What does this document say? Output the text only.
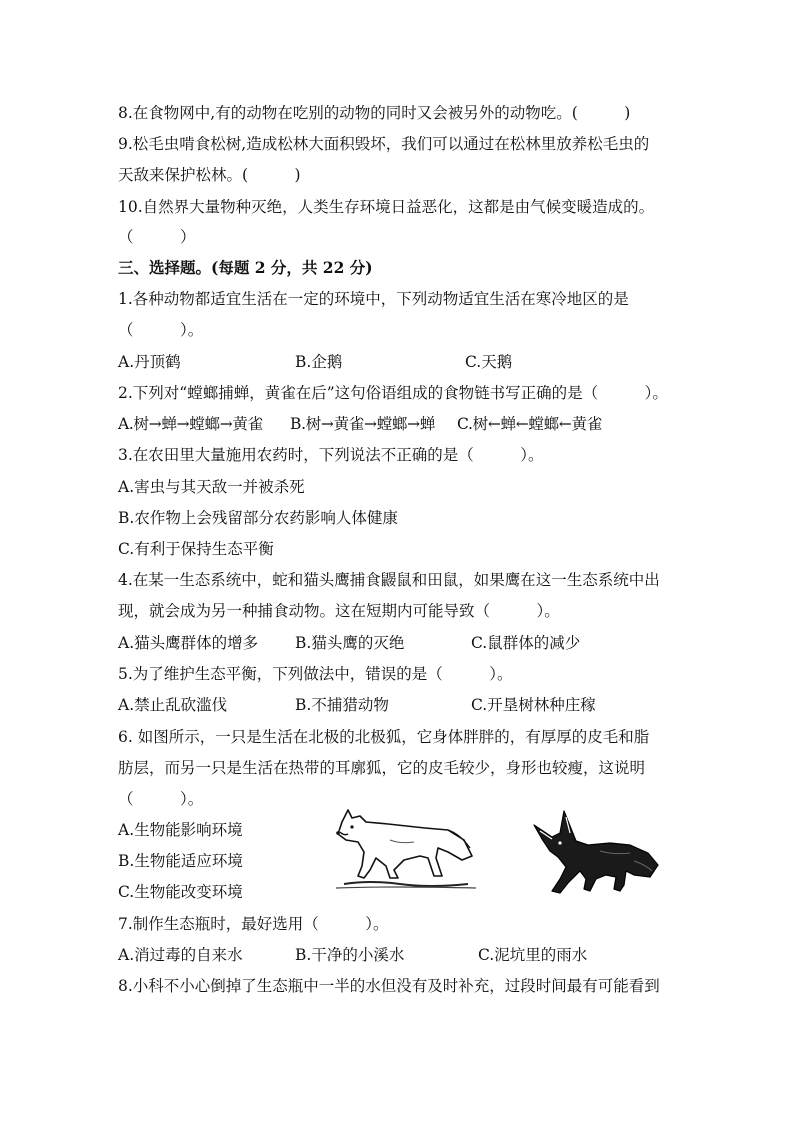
8.在食物网中,有的动物在吃别的动物的同时又会被另外的动物吃。(　　　)
9.松毛虫啃食松树,造成松林大面积毁坏，我们可以通过在松林里放养松毛虫的
天敌来保护松林。(　　　)
10.自然界大量物种灭绝，人类生存环境日益恶化，这都是由气候变暖造成的。
（　　　）
三、选择题。(每题 2 分，共 22 分)
1.各种动物都适宜生活在一定的环境中，下列动物适宜生活在寒冷地区的是
（　　　）。
A.丹顶鹤	B.企鹅	C.天鹅
2.下列对“螳螂捕蝉，黄雀在后”这句俗语组成的食物链书写正确的是（　　　）。
A.树→蝉→螳螂→黄雀 B.树→黄雀→螳螂→蝉 C.树←蝉←螳螂←黄雀
3.在农田里大量施用农药时，下列说法不正确的是（　　　）。
A.害虫与其天敌一并被杀死
B.农作物上会残留部分农药影响人体健康
C.有利于保持生态平衡
4.在某一生态系统中，蛇和猫头鹰捕食鼹鼠和田鼠，如果鹰在这一生态系统中出
现，就会成为另一种捕食动物。这在短期内可能导致（　　　）。
A.猫头鹰群体的增多 B.猫头鹰的灭绝	C.鼠群体的减少
5.为了维护生态平衡，下列做法中，错误的是（　　　）。
A.禁止乱砍滥伐	B.不捕猎动物	C.开垦树林种庄稼
6. 如图所示，一只是生活在北极的北极狐，它身体胖胖的，有厚厚的皮毛和脂
肪层，而另一只是生活在热带的耳廓狐，它的皮毛较少，身形也较瘦，这说明
（　　　）。
A.生物能影响环境
B.生物能适应环境
C.生物能改变环境
7.制作生态瓶时，最好选用（　　　）。
A.消过毒的自来水	B.干净的小溪水	C.泥坑里的雨水
8.小科不小心倒掉了生态瓶中一半的水但没有及时补充，过段时间最有可能看到
